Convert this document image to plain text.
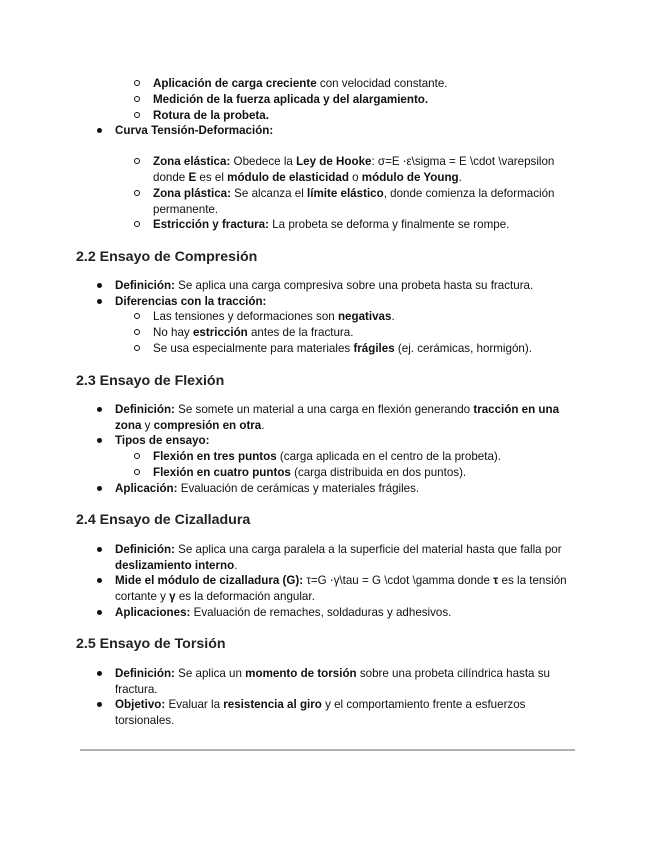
Aplicación de carga creciente con velocidad constante.
Medición de la fuerza aplicada y del alargamiento.
Rotura de la probeta.
Curva Tensión-Deformación:
Zona elástica: Obedece la Ley de Hooke: σ=E ⋅ε\sigma = E \cdot \varepsilon
donde E es el módulo de elasticidad o módulo de Young.
Zona plástica: Se alcanza el límite elástico, donde comienza la deformación
permanente.
Estricción y fractura: La probeta se deforma y finalmente se rompe.
2.2 Ensayo de Compresión
Definición: Se aplica una carga compresiva sobre una probeta hasta su fractura.
Diferencias con la tracción:
Las tensiones y deformaciones son negativas.
No hay estricción antes de la fractura.
Se usa especialmente para materiales frágiles (ej. cerámicas, hormigón).
2.3 Ensayo de Flexión
Definición: Se somete un material a una carga en flexión generando tracción en una
zona y compresión en otra.
Tipos de ensayo:
Flexión en tres puntos (carga aplicada en el centro de la probeta).
Flexión en cuatro puntos (carga distribuida en dos puntos).
Aplicación: Evaluación de cerámicas y materiales frágiles.
2.4 Ensayo de Cizalladura
Definición: Se aplica una carga paralela a la superficie del material hasta que falla por
deslizamiento interno.
Mide el módulo de cizalladura (G): τ=G ⋅γ\tau = G \cdot \gamma donde τ es la tensión
cortante y γ es la deformación angular.
Aplicaciones: Evaluación de remaches, soldaduras y adhesivos.
2.5 Ensayo de Torsión
Definición: Se aplica un momento de torsión sobre una probeta cilíndrica hasta su
fractura.
Objetivo: Evaluar la resistencia al giro y el comportamiento frente a esfuerzos
torsionales.
